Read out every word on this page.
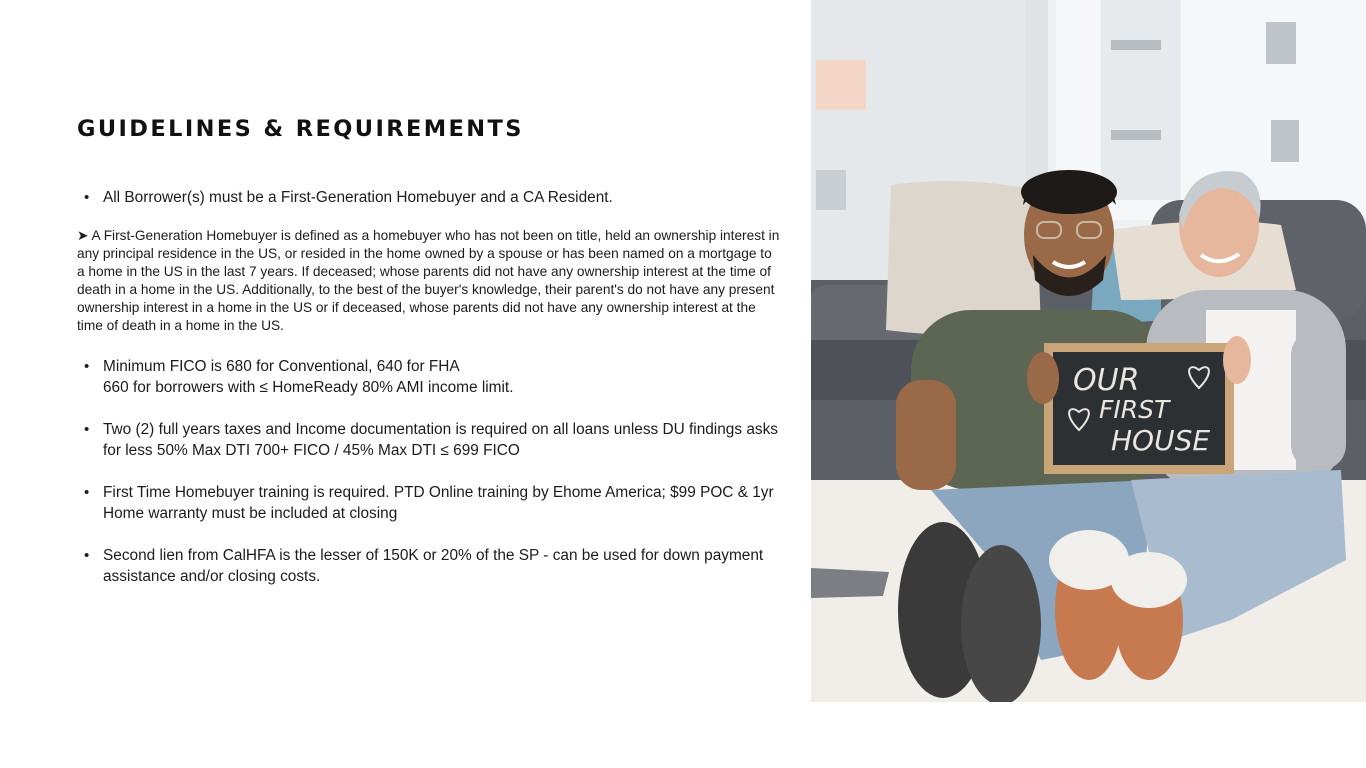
GUIDELINES & REQUIREMENTS
• All Borrower(s) must be a First-Generation Homebuyer and a CA Resident.
➤ A First-Generation Homebuyer is defined as a homebuyer who has not been on title, held an ownership interest in any principal residence in the US, or resided in the home owned by a spouse or has been named on a mortgage to a home in the US in the last 7 years. If deceased; whose parents did not have any ownership interest at the time of death in a home in the US. Additionally, to the best of the buyer's knowledge, their parent's do not have any present ownership interest in a home in the US or if deceased, whose parents did not have any ownership interest at the time of death in a home in the US.
• Minimum FICO is 680 for Conventional, 640 for FHA
660 for borrowers with ≤ HomeReady 80% AMI income limit.
• Two (2) full years taxes and Income documentation is required on all loans unless DU findings asks for less 50% Max DTI 700+ FICO / 45% Max DTI ≤ 699 FICO
• First Time Homebuyer training is required. PTD Online training by Ehome America; $99 POC & 1yr Home warranty must be included at closing
• Second lien from CalHFA is the lesser of 150K or 20% of the SP - can be used for down payment assistance and/or closing costs.
OUR
FIRST
HOUSE
